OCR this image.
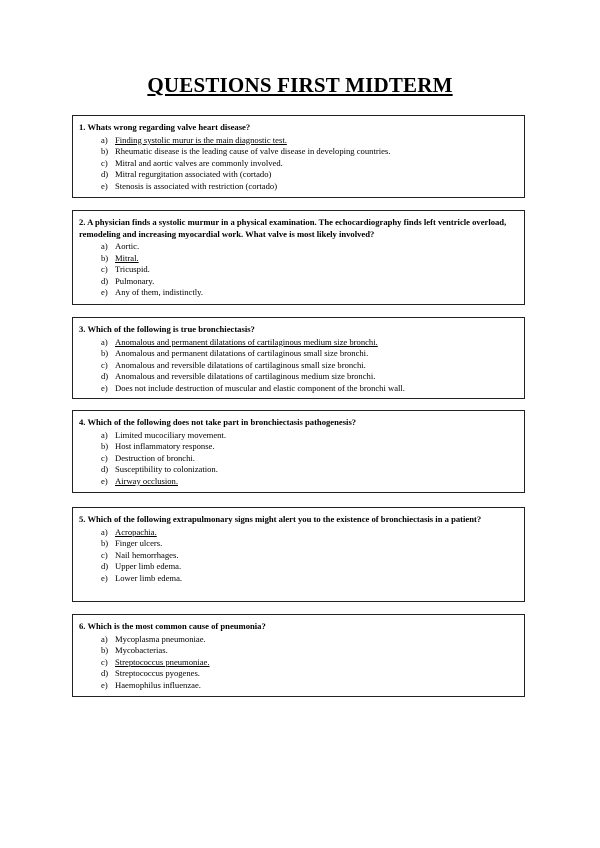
QUESTIONS FIRST MIDTERM
1. Whats wrong regarding valve heart disease?
a) Finding systolic murur is the main diagnostic test.
b) Rheumatic disease is the leading cause of valve disease in developing countries.
c) Mitral and aortic valves are commonly involved.
d) Mitral regurgitation associated with (cortado)
e) Stenosis is associated with restriction (cortado)
2. A physician finds a systolic murmur in a physical examination. The echocardiography finds left ventricle overload, remodeling and increasing myocardial work. What valve is most likely involved?
a) Aortic.
b) Mitral.
c) Tricuspid.
d) Pulmonary.
e) Any of them, indistinctly.
3. Which of the following is true bronchiectasis?
a) Anomalous and permanent dilatations of cartilaginous medium size bronchi.
b) Anomalous and permanent dilatations of cartilaginous small size bronchi.
c) Anomalous and reversible dilatations of cartilaginous small size bronchi.
d) Anomalous and reversible dilatations of cartilaginous medium size bronchi.
e) Does not include destruction of muscular and elastic component of the bronchi wall.
4. Which of the following does not take part in bronchiectasis pathogenesis?
a) Limited mucociliary movement.
b) Host inflammatory response.
c) Destruction of bronchi.
d) Susceptibility to colonization.
e) Airway occlusion.
5. Which of the following extrapulmonary signs might alert you to the existence of bronchiectasis in a patient?
a) Acropachia.
b) Finger ulcers.
c) Nail hemorrhages.
d) Upper limb edema.
e) Lower limb edema.
6. Which is the most common cause of pneumonia?
a) Mycoplasma pneumoniae.
b) Mycobacterias.
c) Streptococcus pneumoniae.
d) Streptococcus pyogenes.
e) Haemophilus influenzae.
